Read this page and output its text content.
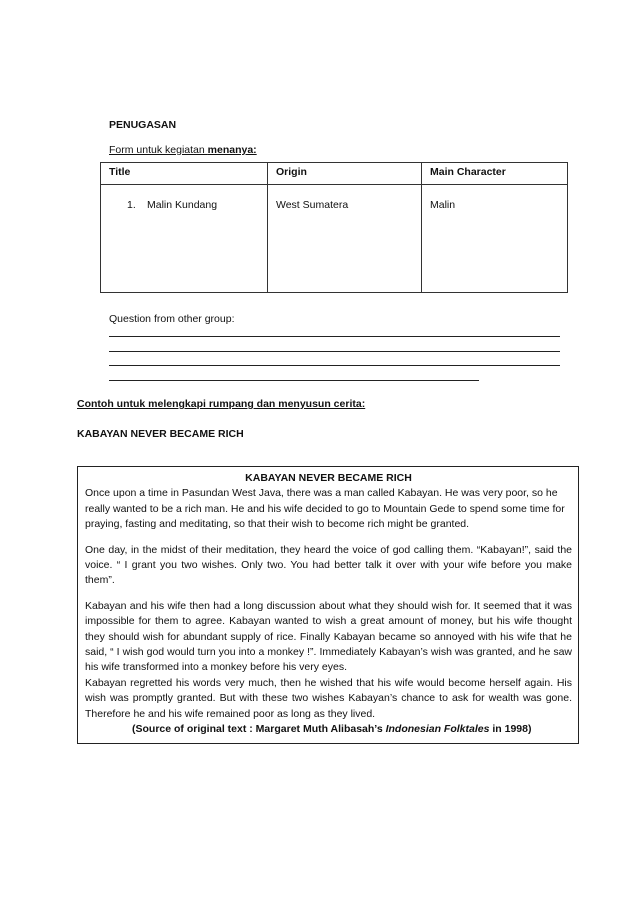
PENUGASAN
Form untuk kegiatan menanya:
Title	Origin	Main Character
1. Malin Kundang	West Sumatera	Malin
Question from other group:
Contoh untuk melengkapi rumpang dan menyusun cerita:
KABAYAN NEVER BECAME RICH

KABAYAN NEVER BECAME RICH

Once upon a time in Pasundan West Java, there was a man called Kabayan. He was very poor, so he really wanted to be a rich man. He and his wife decided to go to Mountain Gede to spend some time for praying, fasting and meditating, so that their wish to become rich might be granted.

One day, in the midst of their meditation, they heard the voice of god calling them. “Kabayan!”, said the voice. “ I grant you two wishes. Only two. You had better talk it over with your wife before you make them”.

Kabayan and his wife then had a long discussion about what they should wish for. It seemed that it was impossible for them to agree. Kabayan wanted to wish a great amount of money, but his wife thought they should wish for abundant supply of rice. Finally Kabayan became so annoyed with his wife that he said, “ I wish god would turn you into a monkey !”. Immediately Kabayan’s wish was granted, and he saw his wife transformed into a monkey before his very eyes.

Kabayan regretted his words very much, then he wished that his wife would become herself again. His wish was promptly granted. But with these two wishes Kabayan’s chance to ask for wealth was gone. Therefore he and his wife remained poor as long as they lived.

(Source of original text : Margaret Muth Alibasah’s Indonesian Folktales in 1998)
